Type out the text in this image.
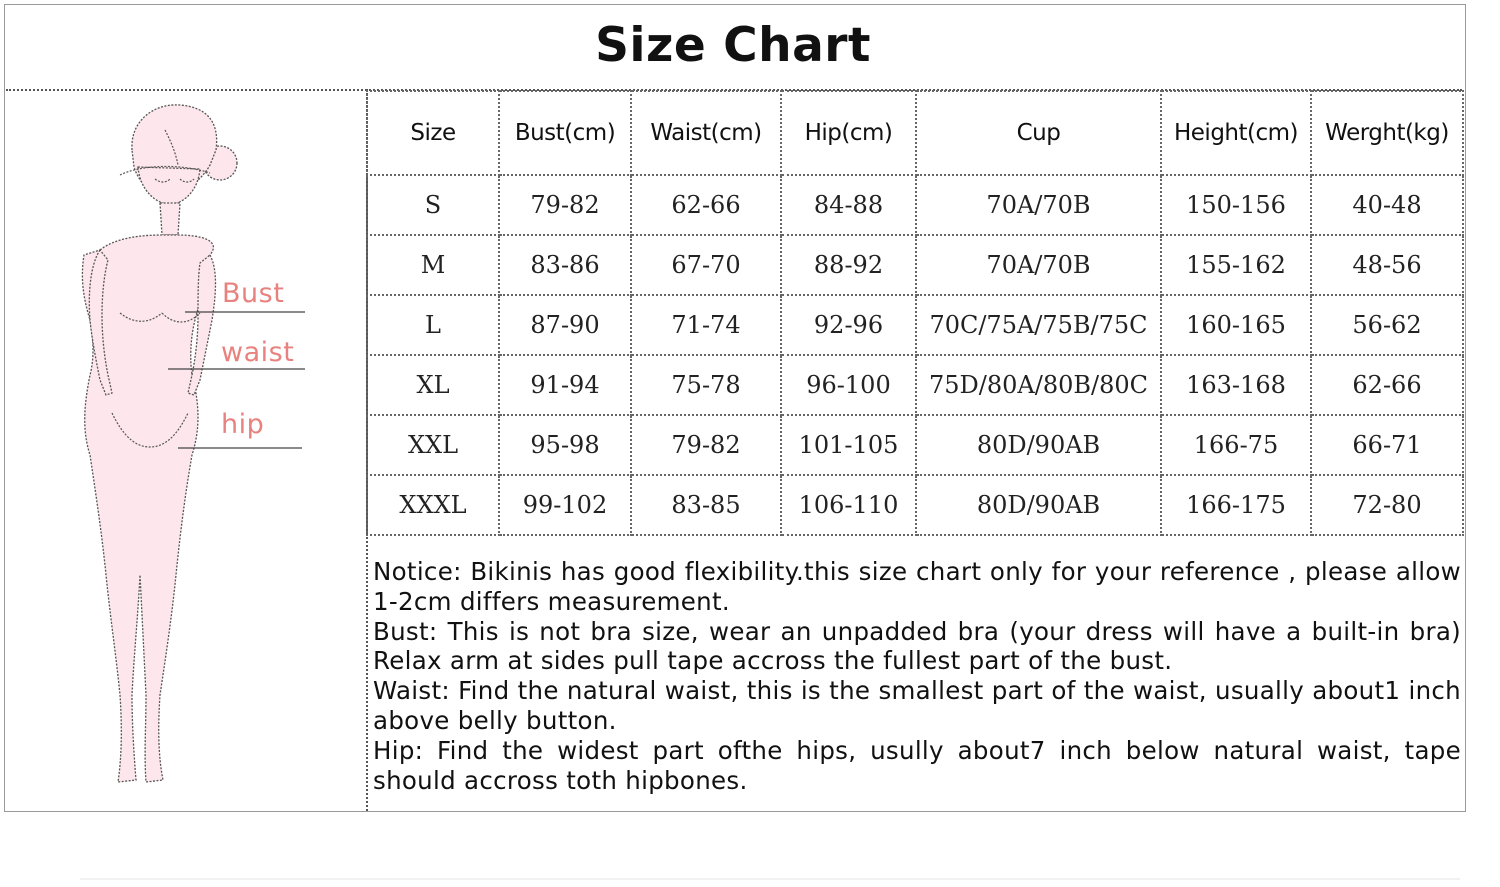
Size Chart
Bust
waist
hip
Size	Bust(cm)	Waist(cm)	Hip(cm)	Cup	Height(cm)	Werght(kg)
S	79-82	62-66	84-88	70A/70B	150-156	40-48
M	83-86	67-70	88-92	70A/70B	155-162	48-56
L	87-90	71-74	92-96	70C/75A/75B/75C	160-165	56-62
XL	91-94	75-78	96-100	75D/80A/80B/80C	163-168	62-66
XXL	95-98	79-82	101-105	80D/90AB	166-75	66-71
XXXL	99-102	83-85	106-110	80D/90AB	166-175	72-80

Notice: Bikinis has good flexibility.this size chart only for your reference , please allow 1-2cm differs measurement.

Bust: This is not bra size, wear an unpadded bra (your dress will have a built-in bra) Relax arm at sides pull tape accross the fullest part of the bust.

Waist: Find the natural waist, this is the smallest part of the waist, usually about1 inch above belly button.

Hip: Find the widest part ofthe hips, usully about7 inch below natural waist, tape should accross toth hipbones.
